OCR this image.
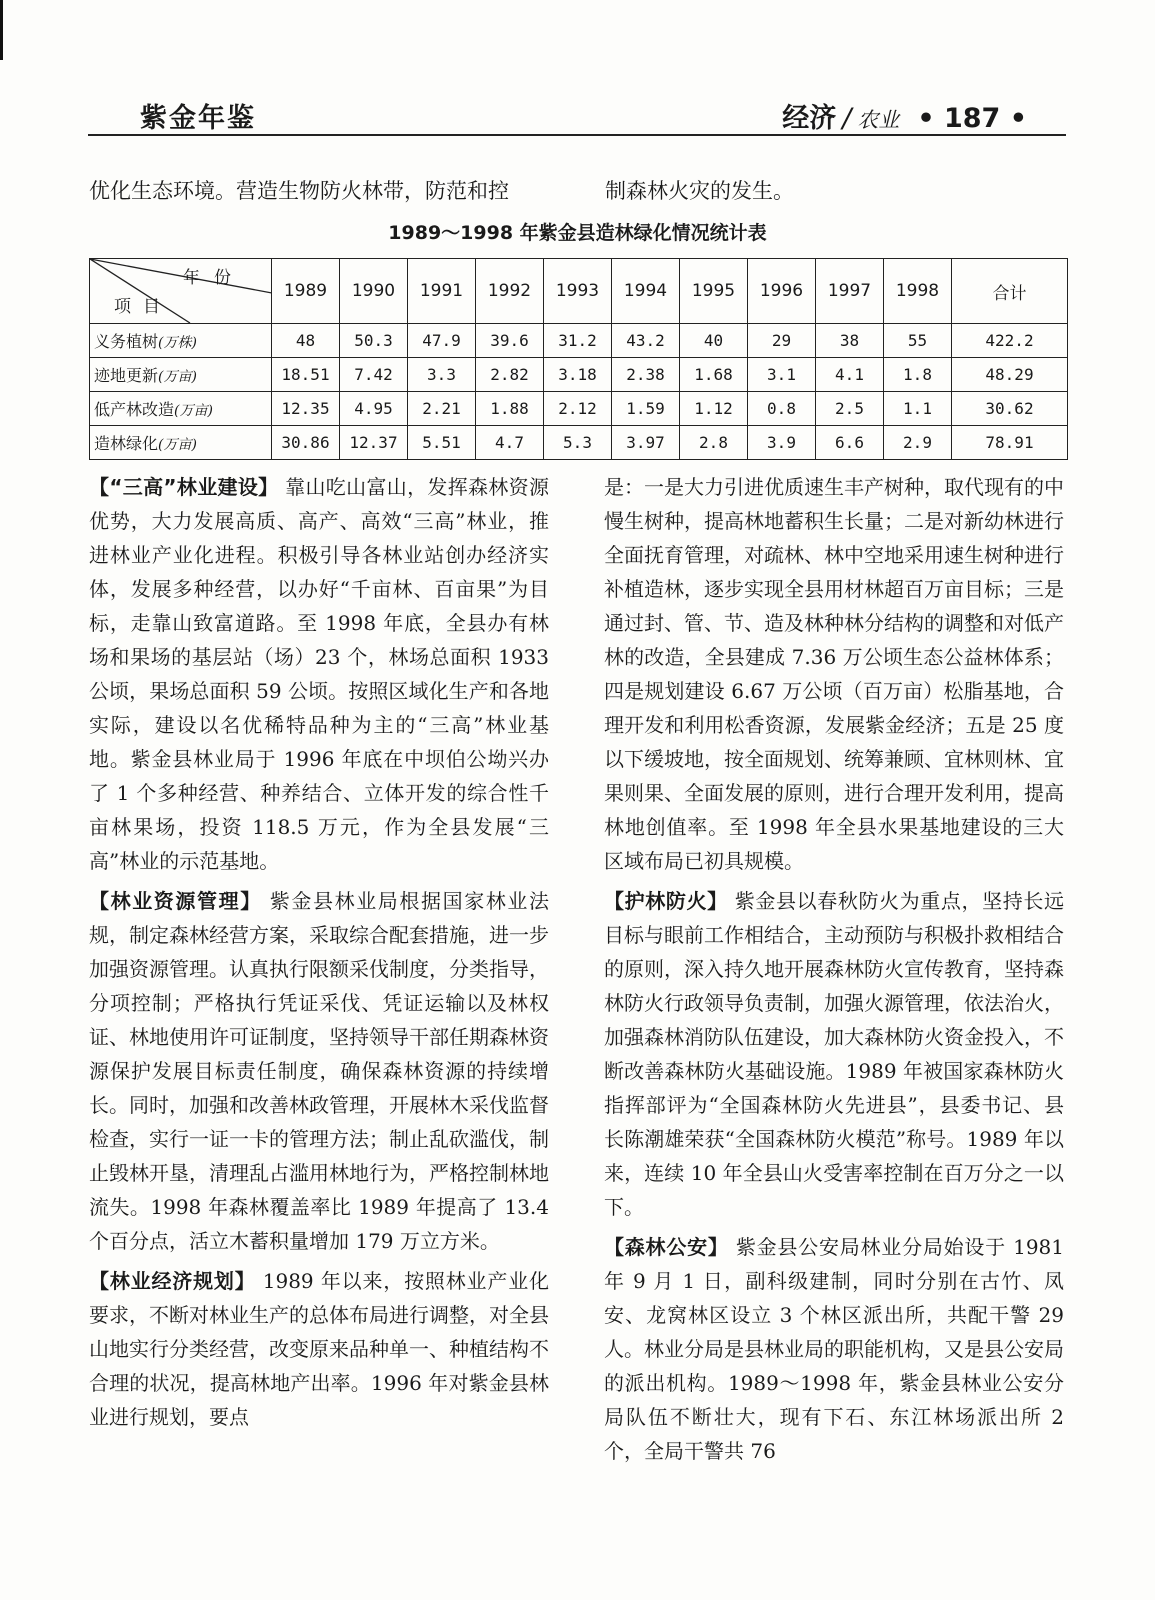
紫金年鉴	经济 / 农业 • 187 •
优化生态环境。营造生物防火林带，防范和控	制森林火灾的发生。
1989～1998 年紫金县造林绿化情况统计表
年份
项目	1989	1990	1991	1992	1993	1994	1995	1996	1997	1998	合计
义务植树(万株)	48	50.3	47.9	39.6	31.2	43.2	40	29	38	55	422.2
迹地更新(万亩)	18.51	7.42	3.3	2.82	3.18	2.38	1.68	3.1	4.1	1.8	48.29
低产林改造(万亩)	12.35	4.95	2.21	1.88	2.12	1.59	1.12	0.8	2.5	1.1	30.62
造林绿化(万亩)	30.86	12.37	5.51	4.7	5.3	3.97	2.8	3.9	6.6	2.9	78.91

【“三高”林业建设】 靠山吃山富山，发挥森林资源优势，大力发展高质、高产、高效“三高”林业，推进林业产业化进程。积极引导各林业站创办经济实体，发展多种经营，以办好“千亩林、百亩果”为目标，走靠山致富道路。至 1998 年底，全县办有林场和果场的基层站（场）23 个，林场总面积 1933 公顷，果场总面积 59 公顷。按照区域化生产和各地实际，建设以名优稀特品种为主的“三高”林业基地。紫金县林业局于 1996 年底在中坝伯公坳兴办了 1 个多种经营、种养结合、立体开发的综合性千亩林果场，投资 118.5 万元，作为全县发展“三高”林业的示范基地。

【林业资源管理】 紫金县林业局根据国家林业法规，制定森林经营方案，采取综合配套措施，进一步加强资源管理。认真执行限额采伐制度，分类指导，分项控制；严格执行凭证采伐、凭证运输以及林权证、林地使用许可证制度，坚持领导干部任期森林资源保护发展目标责任制度，确保森林资源的持续增长。同时，加强和改善林政管理，开展林木采伐监督检查，实行一证一卡的管理方法；制止乱砍滥伐，制止毁林开垦，清理乱占滥用林地行为，严格控制林地流失。1998 年森林覆盖率比 1989 年提高了 13.4 个百分点，活立木蓄积量增加 179 万立方米。

【林业经济规划】 1989 年以来，按照林业产业化要求，不断对林业生产的总体布局进行调整，对全县山地实行分类经营，改变原来品种单一、种植结构不合理的状况，提高林地产出率。1996 年对紫金县林业进行规划，要点

是：一是大力引进优质速生丰产树种，取代现有的中慢生树种，提高林地蓄积生长量；二是对新幼林进行全面抚育管理，对疏林、林中空地采用速生树种进行补植造林，逐步实现全县用材林超百万亩目标；三是通过封、管、节、造及林种林分结构的调整和对低产林的改造，全县建成 7.36 万公顷生态公益林体系；四是规划建设 6.67 万公顷（百万亩）松脂基地，合理开发和利用松香资源，发展紫金经济；五是 25 度以下缓坡地，按全面规划、统筹兼顾、宜林则林、宜果则果、全面发展的原则，进行合理开发利用，提高林地创值率。至 1998 年全县水果基地建设的三大区域布局已初具规模。

【护林防火】 紫金县以春秋防火为重点，坚持长远目标与眼前工作相结合，主动预防与积极扑救相结合的原则，深入持久地开展森林防火宣传教育，坚持森林防火行政领导负责制，加强火源管理，依法治火，加强森林消防队伍建设，加大森林防火资金投入，不断改善森林防火基础设施。1989 年被国家森林防火指挥部评为“全国森林防火先进县”，县委书记、县长陈潮雄荣获“全国森林防火模范”称号。1989 年以来，连续 10 年全县山火受害率控制在百万分之一以下。

【森林公安】 紫金县公安局林业分局始设于 1981 年 9 月 1 日，副科级建制，同时分别在古竹、凤安、龙窝林区设立 3 个林区派出所，共配干警 29 人。林业分局是县林业局的职能机构，又是县公安局的派出机构。1989～1998 年，紫金县林业公安分局队伍不断壮大，现有下石、东江林场派出所 2 个，全局干警共 76
